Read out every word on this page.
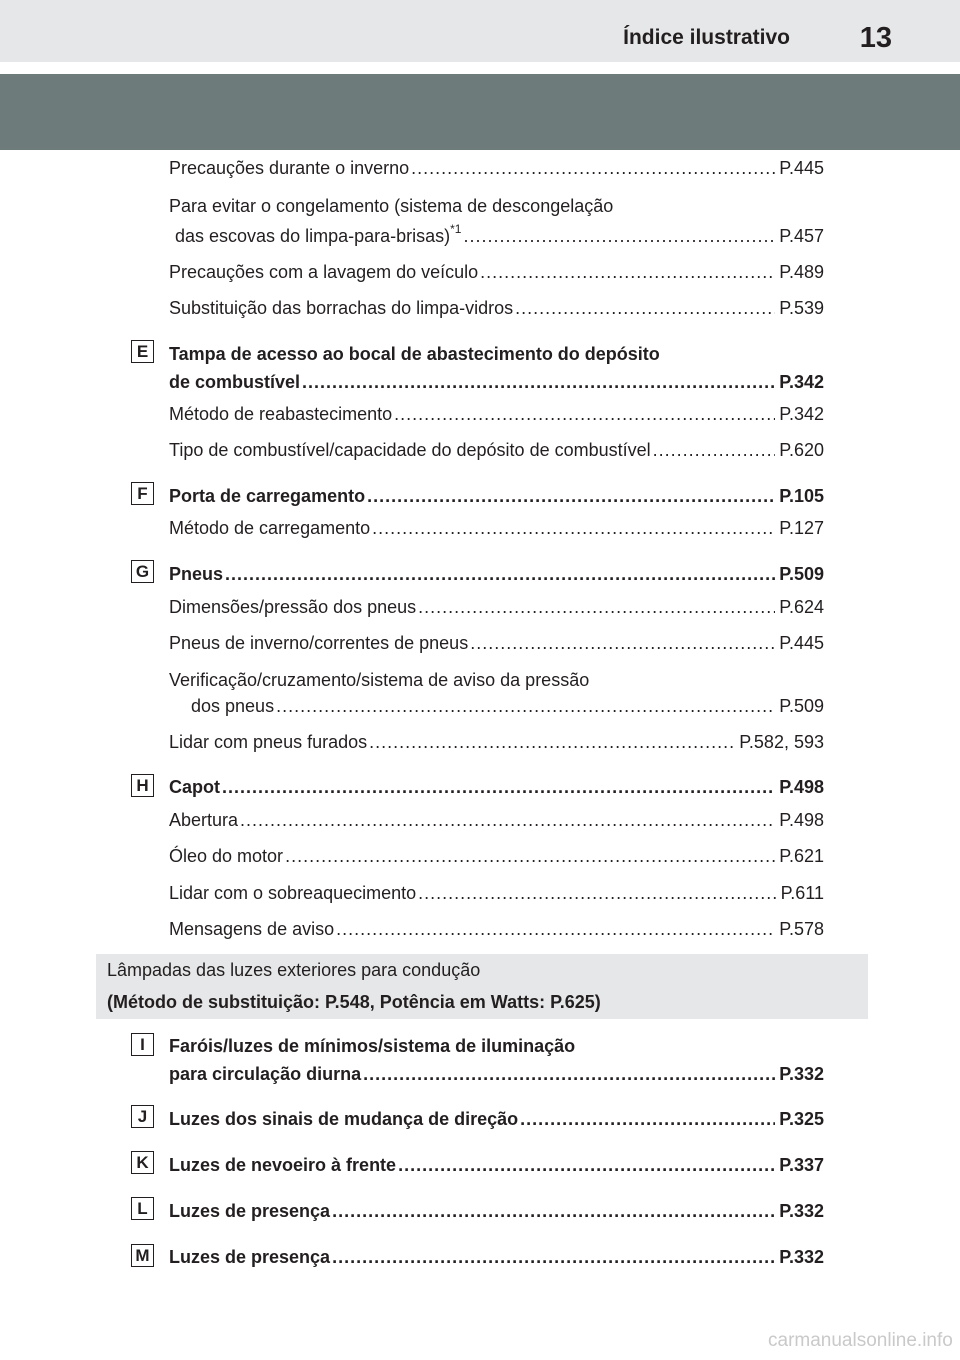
Índice ilustrativo 13
Precauções durante o inverno .....	P.445
Para evitar o congelamento (sistema de descongelação
das escovas do limpa-para-brisas)$^{*1}$ .....	P.457
Precauções com a lavagem do veículo .....	P.489
Substituição das borrachas do limpa-vidros .....	P.539
E	Tampa de acesso ao bocal de abastecimento do depósito
de combustível .....	P.342
Método de reabastecimento .....	P.342
Tipo de combustível/capacidade do depósito de combustível .....	P.620
F	Porta de carregamento .....	P.105
Método de carregamento .....	P.127
G Pneus .....	P.509
Dimensões/pressão dos pneus .....	P.624
Pneus de inverno/correntes de pneus .....	P.445
Verificação/cruzamento/sistema de aviso da pressão
dos pneus .....	P.509
Lidar com pneus furados .....	P.582, 593
H Capot .....	P.498
Abertura .....	P.498
Óleo do motor .....	P.621
Lidar com o sobreaquecimento .....	P.611
Mensagens de aviso .....	P.578
Lâmpadas das luzes exteriores para condução
(Método de substituição: P.548, Potência em Watts: P.625)
I	Faróis/luzes de mínimos/sistema de iluminação
para circulação diurna .....	P.332
J	Luzes dos sinais de mudança de direção .....	P.325
K Luzes de nevoeiro à frente .....	P.337
L	Luzes de presença .....	P.332
M Luzes de presença .....	P.332
carmanualsonline.info
